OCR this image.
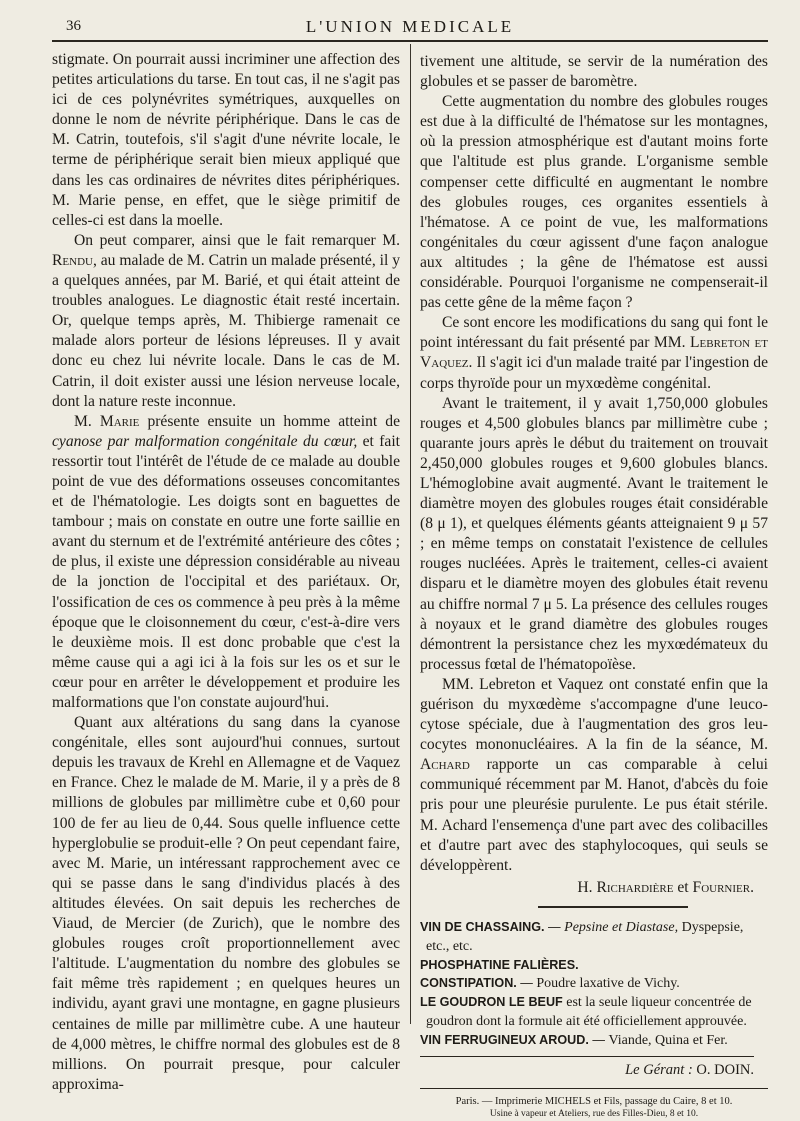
36	L'UNION MEDICALE

stigmate. On pourrait aussi incriminer une affection des petites articulations du tarse. En tout cas, il ne s'agit pas ici de ces polynévrites symétriques, auxquelles on donne le nom de névrite périphérique. Dans le cas de M. Catrin, toutefois, s'il s'agit d'une névrite locale, le terme de périphérique serait bien mieux appliqué que dans les cas ordinaires de névrites dites périphériques. M. Marie pense, en effet, que le siège primitif de celles-ci est dans la moelle.

On peut comparer, ainsi que le fait remarquer M. Rendu, au malade de M. Catrin un malade présenté, il y a quelques années, par M. Barié, et qui était atteint de troubles analogues. Le diagnostic était resté incertain. Or, quelque temps après, M. Thibierge ramenait ce malade alors porteur de lésions lépreuses. Il y avait donc eu chez lui névrite locale. Dans le cas de M. Catrin, il doit exister aussi une lésion nerveuse locale, dont la nature reste inconnue.

M. Marie présente ensuite un homme atteint de cyanose par malformation congénitale du cœur, et fait ressortir tout l'intérêt de l'étude de ce malade au double point de vue des déformations osseuses concomitantes et de l'hématologie. Les doigts sont en baguettes de tambour ; mais on constate en outre une forte saillie en avant du sternum et de l'extrémité antérieure des côtes ; de plus, il existe une dépression considérable au niveau de la jonction de l'occipital et des pariétaux. Or, l'ossification de ces os commence à peu près à la même époque que le cloisonnement du cœur, c'est-à-dire vers le deuxième mois. Il est donc probable que c'est la même cause qui a agi ici à la fois sur les os et sur le cœur pour en arrêter le développement et produire les malformations que l'on constate aujourd'hui.

Quant aux altérations du sang dans la cyanose congénitale, elles sont aujourd'hui connues, surtout depuis les travaux de Krehl en Allemagne et de Vaquez en France. Chez le malade de M. Marie, il y a près de 8 millions de globules par millimètre cube et 0,60 pour 100 de fer au lieu de 0,44. Sous quelle influence cette hyperglobulie se produit-elle ? On peut cependant faire, avec M. Marie, un intéressant rapprochement avec ce qui se passe dans le sang d'individus placés à des altitudes élevées. On sait depuis les recherches de Viaud, de Mercier (de Zurich), que le nombre des globules rouges croît proportionnellement avec l'altitude. L'augmentation du nombre des globules se fait même très rapidement ; en quelques heures un individu, ayant gravi une montagne, en gagne plusieurs centaines de mille par millimètre cube. A une hauteur de 4,000 mètres, le chiffre normal des globules est de 8 millions. On pourrait presque, pour calculer approxima-

tivement une altitude, se servir de la numération des globules et se passer de baromètre.

Cette augmentation du nombre des globules rouges est due à la difficulté de l'hématose sur les montagnes, où la pression atmosphérique est d'autant moins forte que l'altitude est plus grande. L'organisme semble compenser cette difficulté en augmentant le nombre des globules rouges, ces organites essentiels à l'hématose. A ce point de vue, les malformations congénitales du cœur agissent d'une façon analogue aux altitudes ; la gêne de l'hématose est aussi considérable. Pourquoi l'organisme ne compenserait-il pas cette gêne de la même façon ?

Ce sont encore les modifications du sang qui font le point intéressant du fait présenté par MM. Lebreton et Vaquez. Il s'agit ici d'un malade traité par l'ingestion de corps thyroïde pour un myxœdème congénital.

Avant le traitement, il y avait 1,750,000 globules rouges et 4,500 globules blancs par millimètre cube ; quarante jours après le début du traitement on trouvait 2,450,000 globules rouges et 9,600 globules blancs. L'hémoglobine avait augmenté. Avant le traitement le diamètre moyen des globules rouges était considérable (8 μ 1), et quelques éléments géants atteignaient 9 μ 57 ; en même temps on constatait l'existence de cellules rouges nucléées. Après le traitement, celles-ci avaient disparu et le diamètre moyen des globules était revenu au chiffre normal 7 μ 5. La présence des cellules rouges à noyaux et le grand diamètre des globules rouges démontrent la persistance chez les myxœdémateux du processus fœtal de l'hématopoïèse.

MM. Lebreton et Vaquez ont constaté enfin que la guérison du myxœdème s'accompagne d'une leucocytose spéciale, due à l'augmentation des gros leucocytes mononucléaires. A la fin de la séance, M. Achard rapporte un cas comparable à celui communiqué récemment par M. Hanot, d'abcès du foie pris pour une pleurésie purulente. Le pus était stérile. M. Achard l'ensemença d'une part avec des colibacilles et d'autre part avec des staphylocoques, qui seuls se développèrent.

H. Richardière et Fournier.
VIN DE CHASSAING. — Pepsine et Diastase, Dyspepsie, etc., etc.
PHOSPHATINE FALIÈRES.
CONSTIPATION. — Poudre laxative de Vichy.
LE GOUDRON LE BEUF est la seule liqueur concentrée de goudron dont la formule ait été officiellement approuvée.
VIN FERRUGINEUX AROUD. — Viande, Quina et Fer.
Le Gérant : O. DOIN.
Paris. — Imprimerie MICHELS et Fils, passage du Caire, 8 et 10.
Usine à vapeur et Ateliers, rue des Filles-Dieu, 8 et 10.
